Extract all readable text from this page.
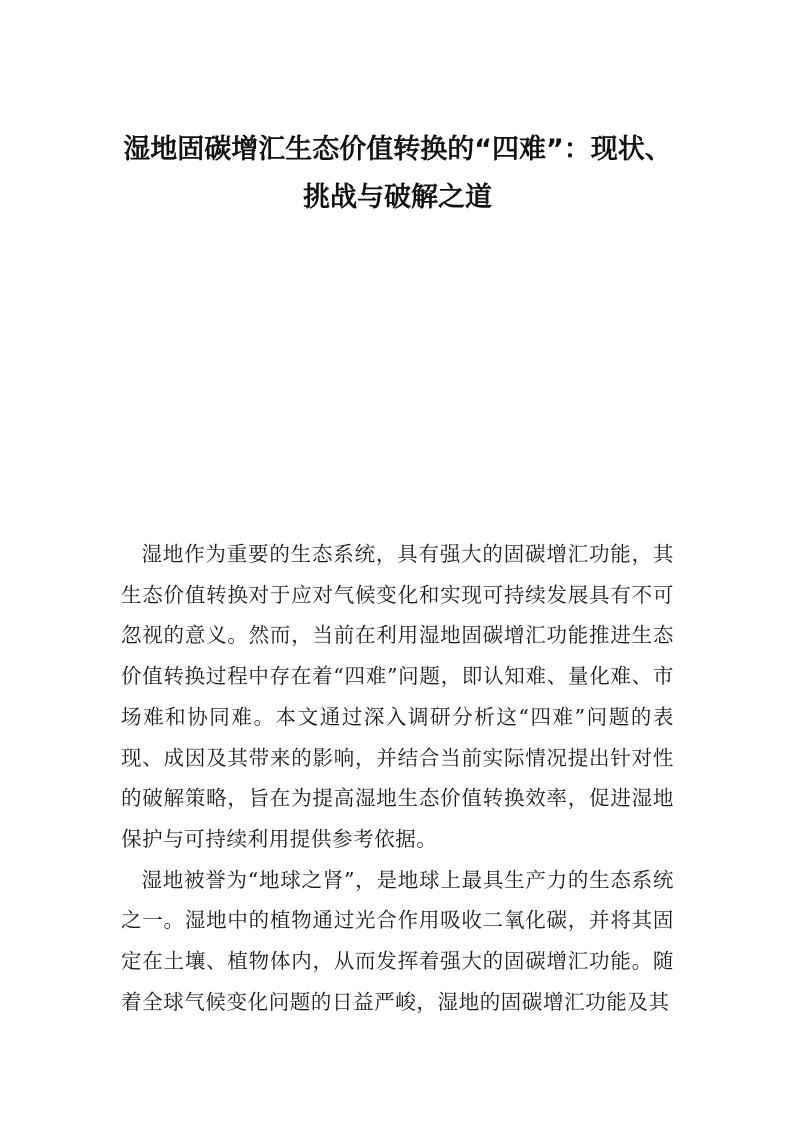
湿地固碳增汇生态价值转换的“四难”：现状、挑战与破解之道

湿地作为重要的生态系统，具有强大的固碳增汇功能，其生态价值转换对于应对气候变化和实现可持续发展具有不可忽视的意义。然而，当前在利用湿地固碳增汇功能推进生态价值转换过程中存在着“四难”问题，即认知难、量化难、市场难和协同难。本文通过深入调研分析这“四难”问题的表现、成因及其带来的影响，并结合当前实际情况提出针对性的破解策略，旨在为提高湿地生态价值转换效率，促进湿地保护与可持续利用提供参考依据。

湿地被誉为“地球之肾”，是地球上最具生产力的生态系统之一。湿地中的植物通过光合作用吸收二氧化碳，并将其固定在土壤、植物体内，从而发挥着强大的固碳增汇功能。随着全球气候变化问题的日益严峻，湿地的固碳增汇功能及其
